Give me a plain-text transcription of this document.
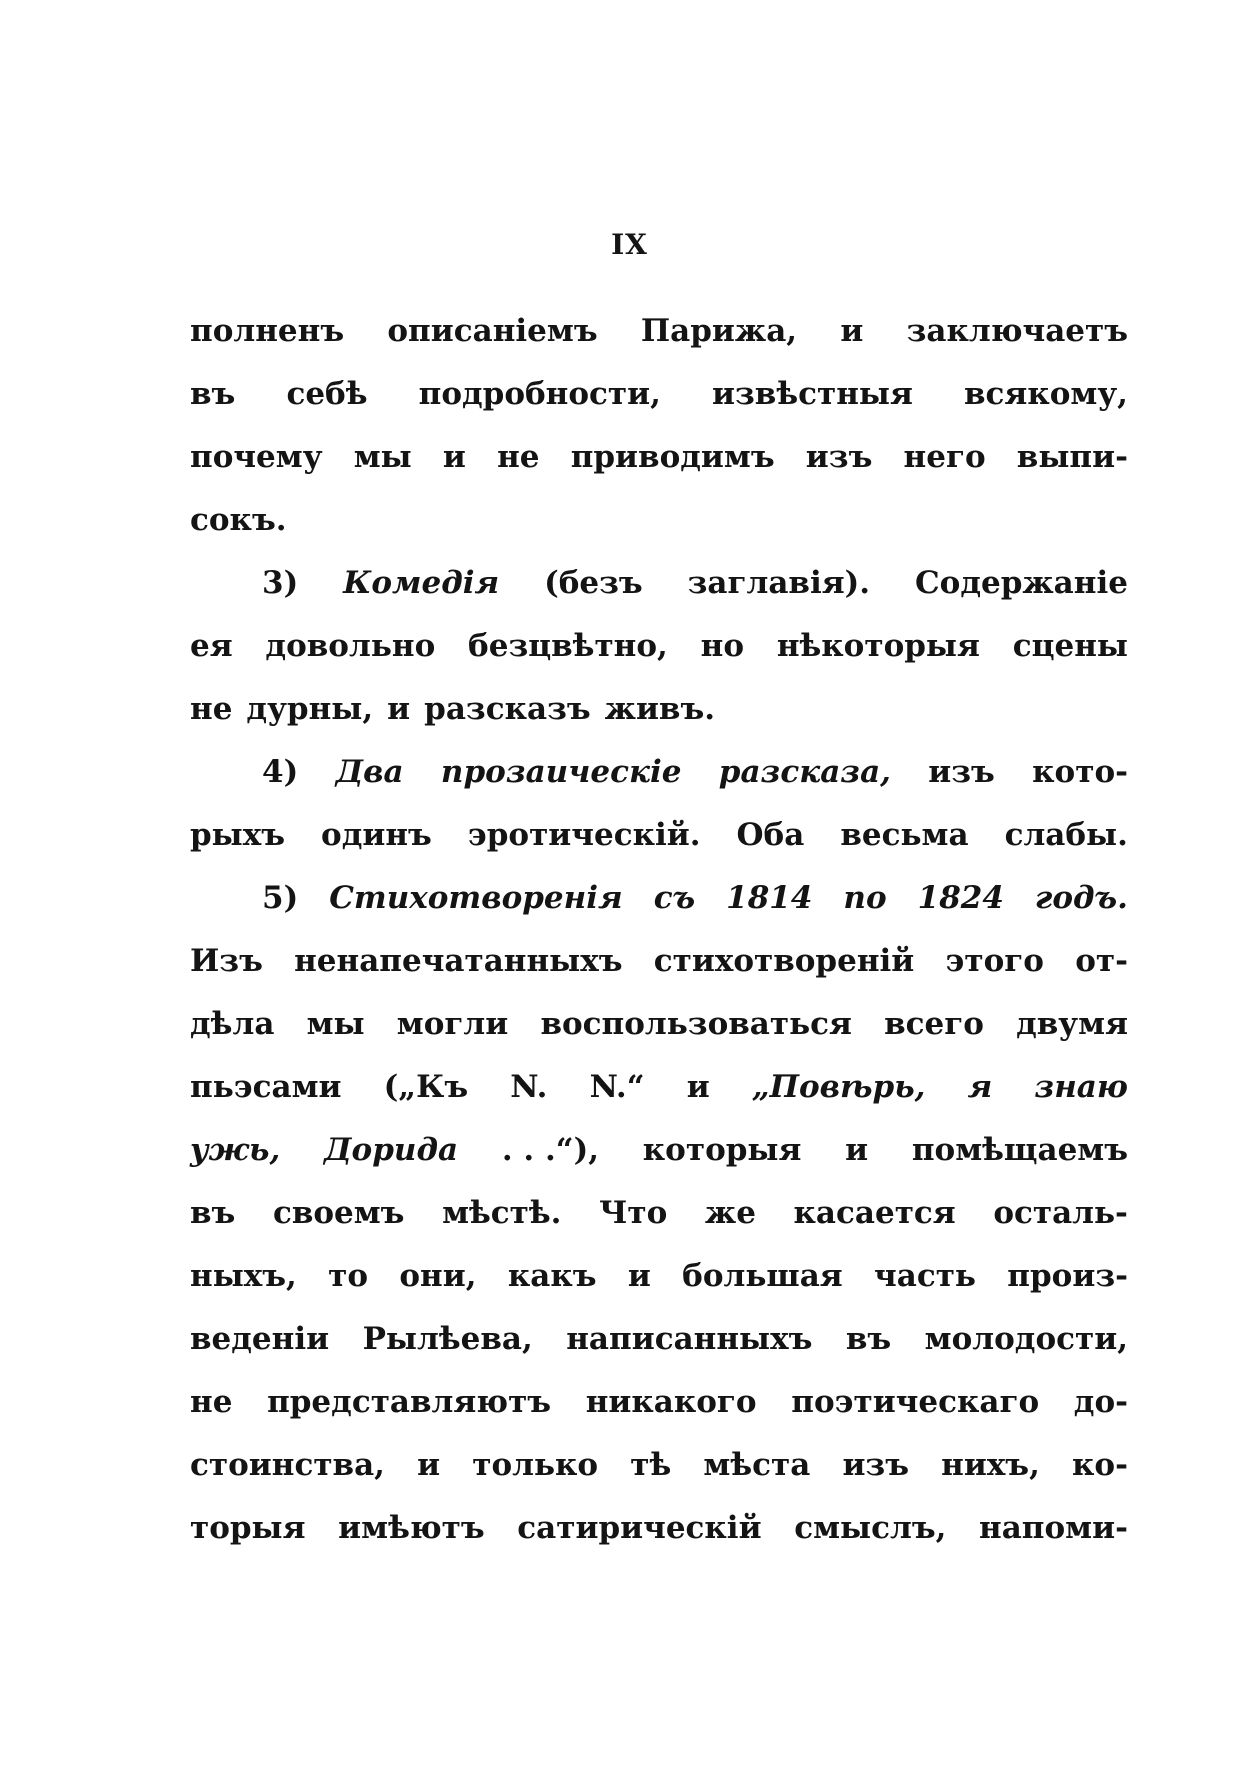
IX
полненъ описаніемъ Парижа, и заключаетъ
въ себѣ подробности, извѣстныя всякому,
почему мы и не приводимъ изъ него выпи-
сокъ.
3) Комедія (безъ заглавія). Содержаніе
ея довольно безцвѣтно, но нѣкоторыя сцены
не дурны, и разсказъ живъ.
4) Два прозаическіе разсказа, изъ кото-
рыхъ одинъ эротическій. Оба весьма слабы.
5) Стихотворенія съ 1814 по 1824 годъ.
Изъ ненапечатанныхъ стихотвореній этого от-
дѣла мы могли воспользоваться всего двумя
пьэсами („Къ N. N.“ и „Повѣрь, я знаю
ужь, Дорида . . .“), которыя и помѣщаемъ
въ своемъ мѣстѣ. Что же касается осталь-
ныхъ, то они, какъ и большая часть произ-
веденіи Рылѣева, написанныхъ въ молодости,
не представляютъ никакого поэтическаго до-
стоинства, и только тѣ мѣста изъ нихъ, ко-
торыя имѣютъ сатирическій смыслъ, напоми-
